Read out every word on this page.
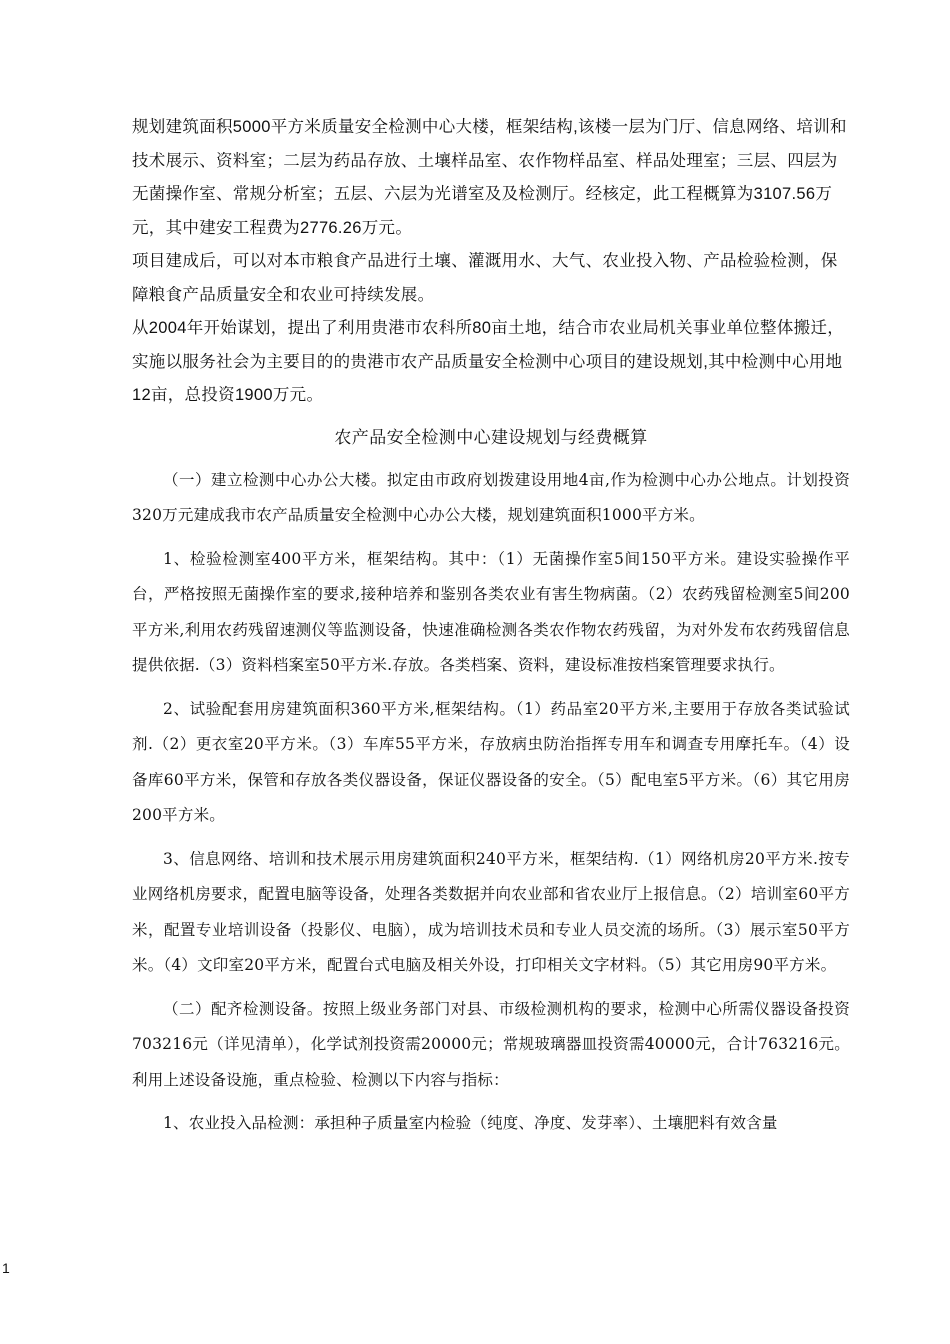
规划建筑面积5000平方米质量安全检测中心大楼，框架结构,该楼一层为门厅、信息网络、培训和技术展示、资料室；二层为药品存放、土壤样品室、农作物样品室、样品处理室；三层、四层为无菌操作室、常规分析室；五层、六层为光谱室及及检测厅。经核定，此工程概算为3107.56万元，其中建安工程费为2776.26万元。

项目建成后，可以对本市粮食产品进行土壤、灌溉用水、大气、农业投入物、产品检验检测，保障粮食产品质量安全和农业可持续发展。

从2004年开始谋划，提出了利用贵港市农科所80亩土地，结合市农业局机关事业单位整体搬迁，实施以服务社会为主要目的的贵港市农产品质量安全检测中心项目的建设规划,其中检测中心用地12亩，总投资1900万元。

农产品安全检测中心建设规划与经费概算

（一）建立检测中心办公大楼。拟定由市政府划拨建设用地4亩,作为检测中心办公地点。计划投资320万元建成我市农产品质量安全检测中心办公大楼，规划建筑面积1000平方米。

1、检验检测室400平方米，框架结构。其中：（1）无菌操作室5间150平方米。建设实验操作平台，严格按照无菌操作室的要求,接种培养和鉴别各类农业有害生物病菌。（2）农药残留检测室5间200平方米,利用农药残留速测仪等监测设备，快速准确检测各类农作物农药残留，为对外发布农药残留信息提供依据.（3）资料档案室50平方米.存放。各类档案、资料，建设标准按档案管理要求执行。

2、试验配套用房建筑面积360平方米,框架结构。（1）药品室20平方米,主要用于存放各类试验试剂.（2）更衣室20平方米。（3）车库55平方米，存放病虫防治指挥专用车和调查专用摩托车。（4）设备库60平方米，保管和存放各类仪器设备，保证仪器设备的安全。（5）配电室5平方米。（6）其它用房200平方米。

3、信息网络、培训和技术展示用房建筑面积240平方米，框架结构.（1）网络机房20平方米.按专业网络机房要求，配置电脑等设备，处理各类数据并向农业部和省农业厅上报信息。（2）培训室60平方米，配置专业培训设备（投影仪、电脑），成为培训技术员和专业人员交流的场所。（3）展示室50平方米。（4）文印室20平方米，配置台式电脑及相关外设，打印相关文字材料。（5）其它用房90平方米。

（二）配齐检测设备。按照上级业务部门对县、市级检测机构的要求，检测中心所需仪器设备投资703216元（详见清单），化学试剂投资需20000元；常规玻璃器皿投资需40000元，合计763216元。利用上述设备设施，重点检验、检测以下内容与指标：

1、农业投入品检测：承担种子质量室内检验（纯度、净度、发芽率）、土壤肥料有效含量

1
